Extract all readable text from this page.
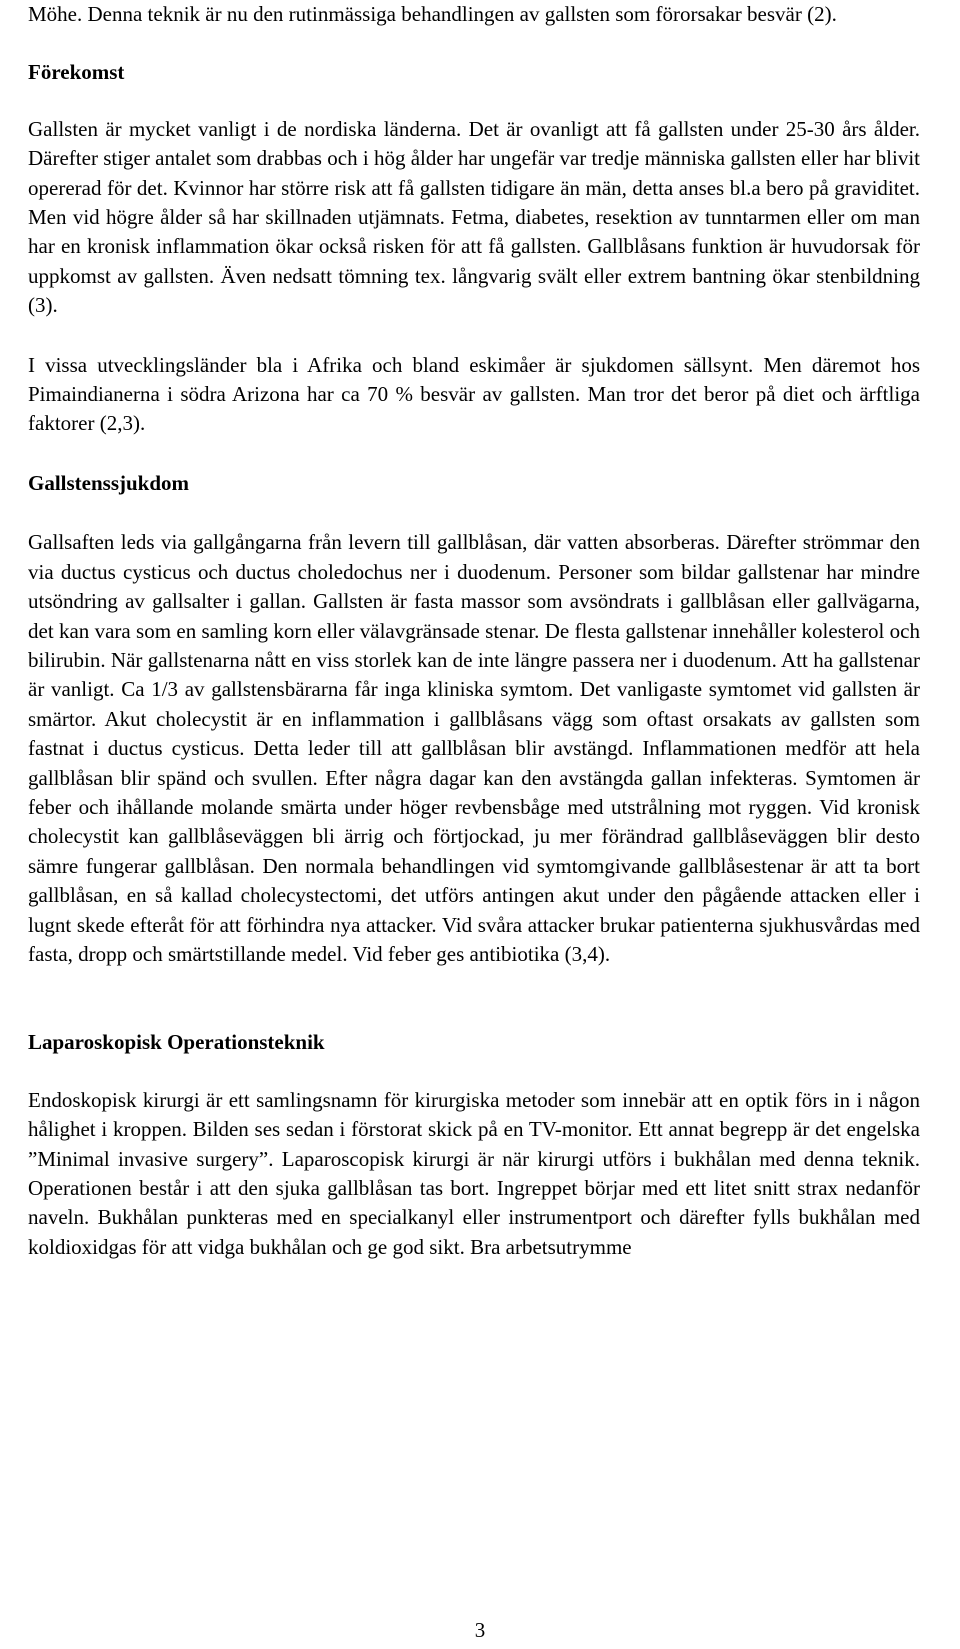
Möhe. Denna teknik är nu den rutinmässiga behandlingen av gallsten som förorsakar besvär (2).

Förekomst

Gallsten är mycket vanligt i de nordiska länderna. Det är ovanligt att få gallsten under 25-30 års ålder. Därefter stiger antalet som drabbas och i hög ålder har ungefär var tredje människa gallsten eller har blivit opererad för det. Kvinnor har större risk att få gallsten tidigare än män, detta anses bl.a bero på graviditet. Men vid högre ålder så har skillnaden utjämnats. Fetma, diabetes, resektion av tunntarmen eller om man har en kronisk inflammation ökar också risken för att få gallsten. Gallblåsans funktion är huvudorsak för uppkomst av gallsten. Även nedsatt tömning tex. långvarig svält eller extrem bantning ökar stenbildning (3).

I vissa utvecklingsländer bla i Afrika och bland eskimåer är sjukdomen sällsynt. Men däremot hos Pimaindianerna i södra Arizona har ca 70 % besvär av gallsten. Man tror det beror på diet och ärftliga faktorer (2,3).

Gallstenssjukdom

Gallsaften leds via gallgångarna från levern till gallblåsan, där vatten absorberas. Därefter strömmar den via ductus cysticus och ductus choledochus ner i duodenum. Personer som bildar gallstenar har mindre utsöndring av gallsalter i gallan. Gallsten är fasta massor som avsöndrats i gallblåsan eller gallvägarna, det kan vara som en samling korn eller välavgränsade stenar. De flesta gallstenar innehåller kolesterol och bilirubin. När gallstenarna nått en viss storlek kan de inte längre passera ner i duodenum. Att ha gallstenar är vanligt. Ca 1/3 av gallstensbärarna får inga kliniska symtom. Det vanligaste symtomet vid gallsten är smärtor. Akut cholecystit är en inflammation i gallblåsans vägg som oftast orsakats av gallsten som fastnat i ductus cysticus. Detta leder till att gallblåsan blir avstängd. Inflammationen medför att hela gallblåsan blir spänd och svullen. Efter några dagar kan den avstängda gallan infekteras. Symtomen är feber och ihållande molande smärta under höger revbensbåge med utstrålning mot ryggen. Vid kronisk cholecystit kan gallblåseväggen bli ärrig och förtjockad, ju mer förändrad gallblåseväggen blir desto sämre fungerar gallblåsan. Den normala behandlingen vid symtomgivande gallblåsestenar är att ta bort gallblåsan, en så kallad cholecystectomi, det utförs antingen akut under den pågående attacken eller i lugnt skede efteråt för att förhindra nya attacker. Vid svåra attacker brukar patienterna sjukhusvårdas med fasta, dropp och smärtstillande medel. Vid feber ges antibiotika (3,4).

Laparoskopisk Operationsteknik

Endoskopisk kirurgi är ett samlingsnamn för kirurgiska metoder som innebär att en optik förs in i någon hålighet i kroppen. Bilden ses sedan i förstorat skick på en TV-monitor. Ett annat begrepp är det engelska ”Minimal invasive surgery”. Laparoscopisk kirurgi är när kirurgi utförs i bukhålan med denna teknik. Operationen består i att den sjuka gallblåsan tas bort. Ingreppet börjar med ett litet snitt strax nedanför naveln. Bukhålan punkteras med en specialkanyl eller instrumentport och därefter fylls bukhålan med koldioxidgas för att vidga bukhålan och ge god sikt. Bra arbetsutrymme

3
